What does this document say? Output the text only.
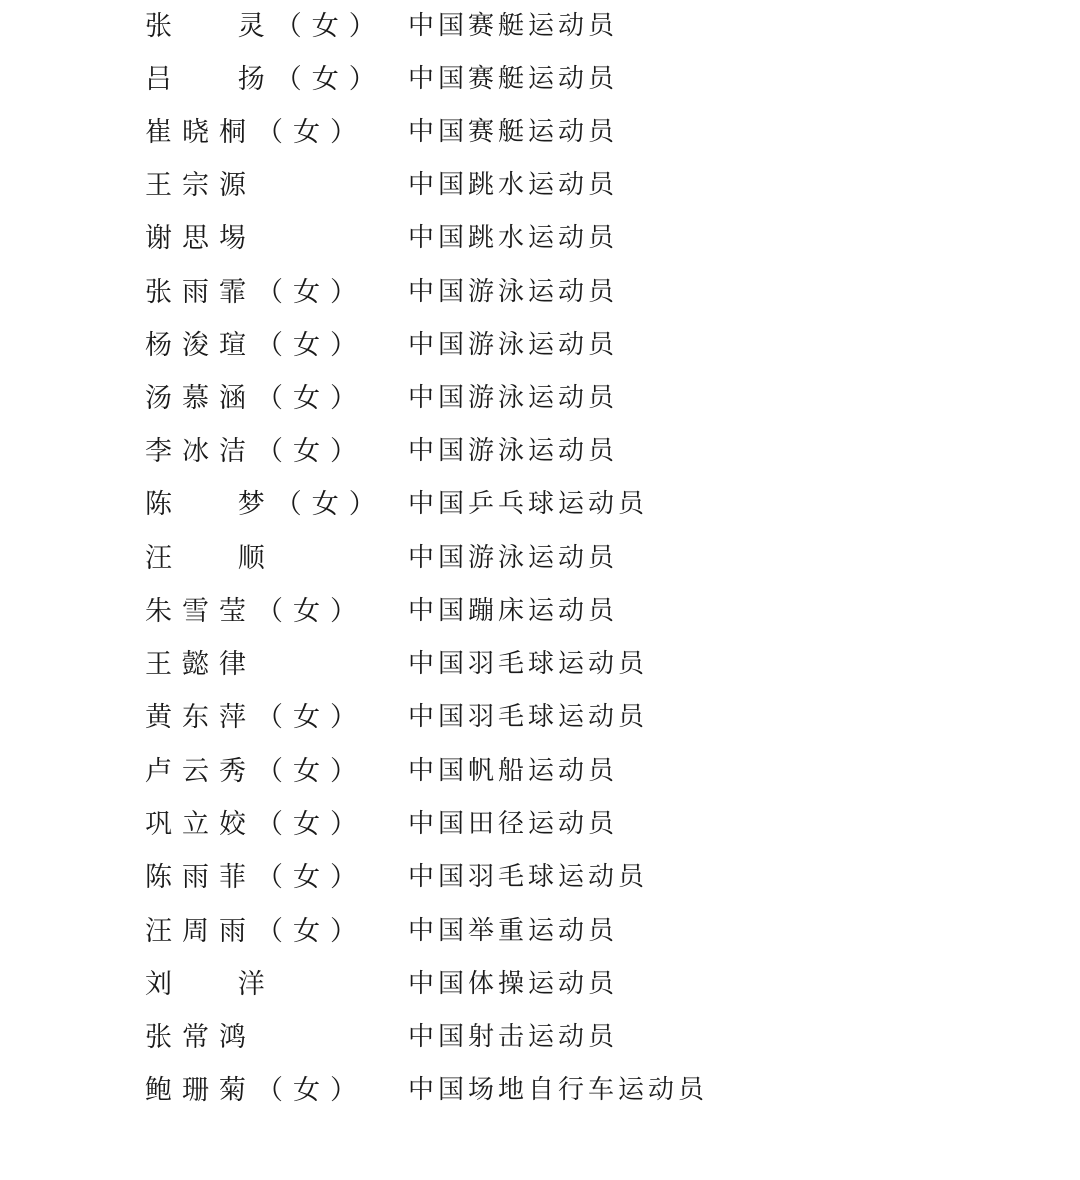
张   灵（女） 中国赛艇运动员
吕   扬（女） 中国赛艇运动员
崔晓桐（女） 中国赛艇运动员
王宗源	中国跳水运动员
谢思埸	中国跳水运动员
张雨霏（女） 中国游泳运动员
杨浚瑄（女） 中国游泳运动员
汤慕涵（女） 中国游泳运动员
李冰洁（女） 中国游泳运动员
陈   梦（女） 中国乒乓球运动员
汪   顺	中国游泳运动员
朱雪莹（女） 中国蹦床运动员
王懿律	中国羽毛球运动员
黄东萍（女） 中国羽毛球运动员
卢云秀（女） 中国帆船运动员
巩立姣（女） 中国田径运动员
陈雨菲（女） 中国羽毛球运动员
汪周雨（女） 中国举重运动员
刘   洋	中国体操运动员
张常鸿	中国射击运动员
鲍珊菊（女） 中国场地自行车运动员
